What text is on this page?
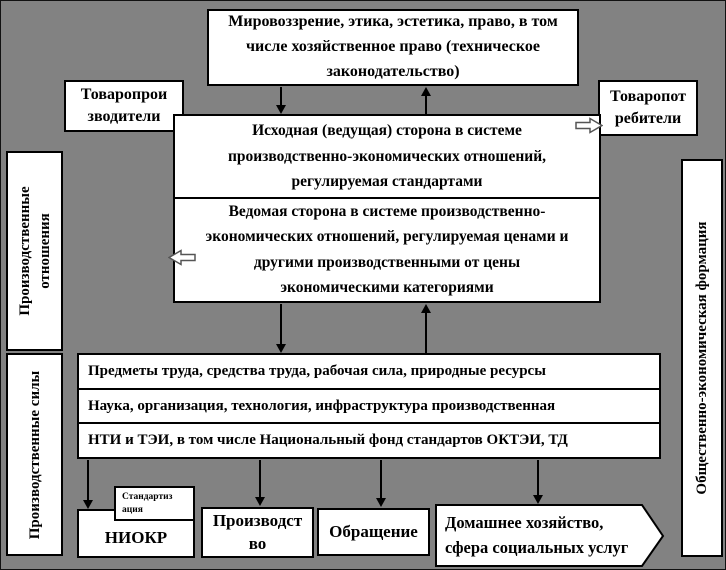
Товаропрои
зводители
Товаропот
ребители
Мировоззрение, этика, эстетика, право, в том числе хозяйственное право (техническое законодательство)
Исходная (ведущая) сторона в системе производственно-экономических отношений, регулируемая стандартами
Ведомая сторона в системе производственно-экономических отношений, регулируемая ценами и другими производственными от цены экономическими категориями
Производственные отношения
Производственные силы	Общественно-экономическая формация
Предметы труда, средства труда, рабочая сила, природные ресурсы
Наука, организация, технология, инфраструктура производственная
НТИ и ТЭИ, в том числе Национальный фонд стандартов ОКТЭИ, ТД
НИОКР
Производст
во
Обращение	Домашнее хозяйство, сфера социальных услуг
Стандартиз
ация
